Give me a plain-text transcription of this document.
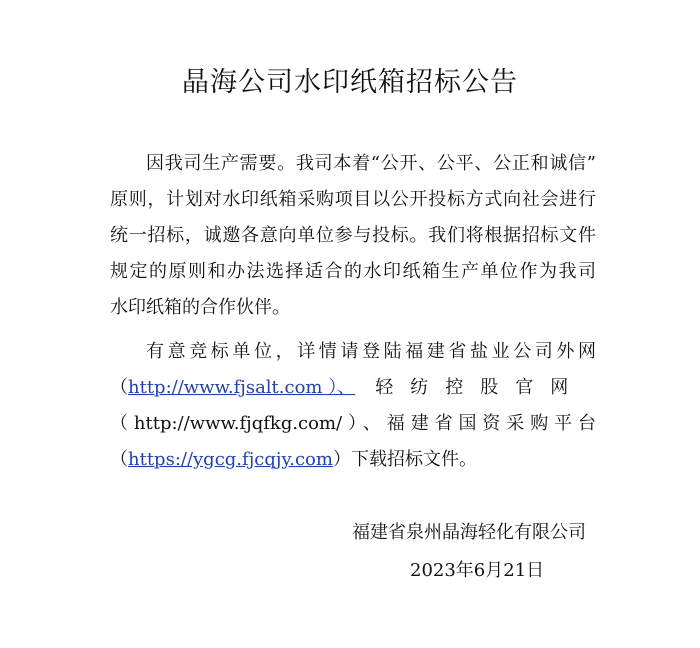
晶海公司水印纸箱招标公告
因我司生产需要。我司本着“公开、公平、公正和诚信”
原则，计划对水印纸箱采购项目以公开投标方式向社会进行
统一招标，诚邀各意向单位参与投标。我们将根据招标文件
规定的原则和办法选择适合的水印纸箱生产单位作为我司
水印纸箱的合作伙伴。
有意竞标单位，详情请登陆福建省盐业公司外网
（http://www.fjsalt.com ）、 轻纺控股官网
（http://www.fjqfkg.com/）、福建省国资采购平台
（https://ygcg.fjcqjy.com）下载招标文件。
福建省泉州晶海轻化有限公司
2023年6月21日
